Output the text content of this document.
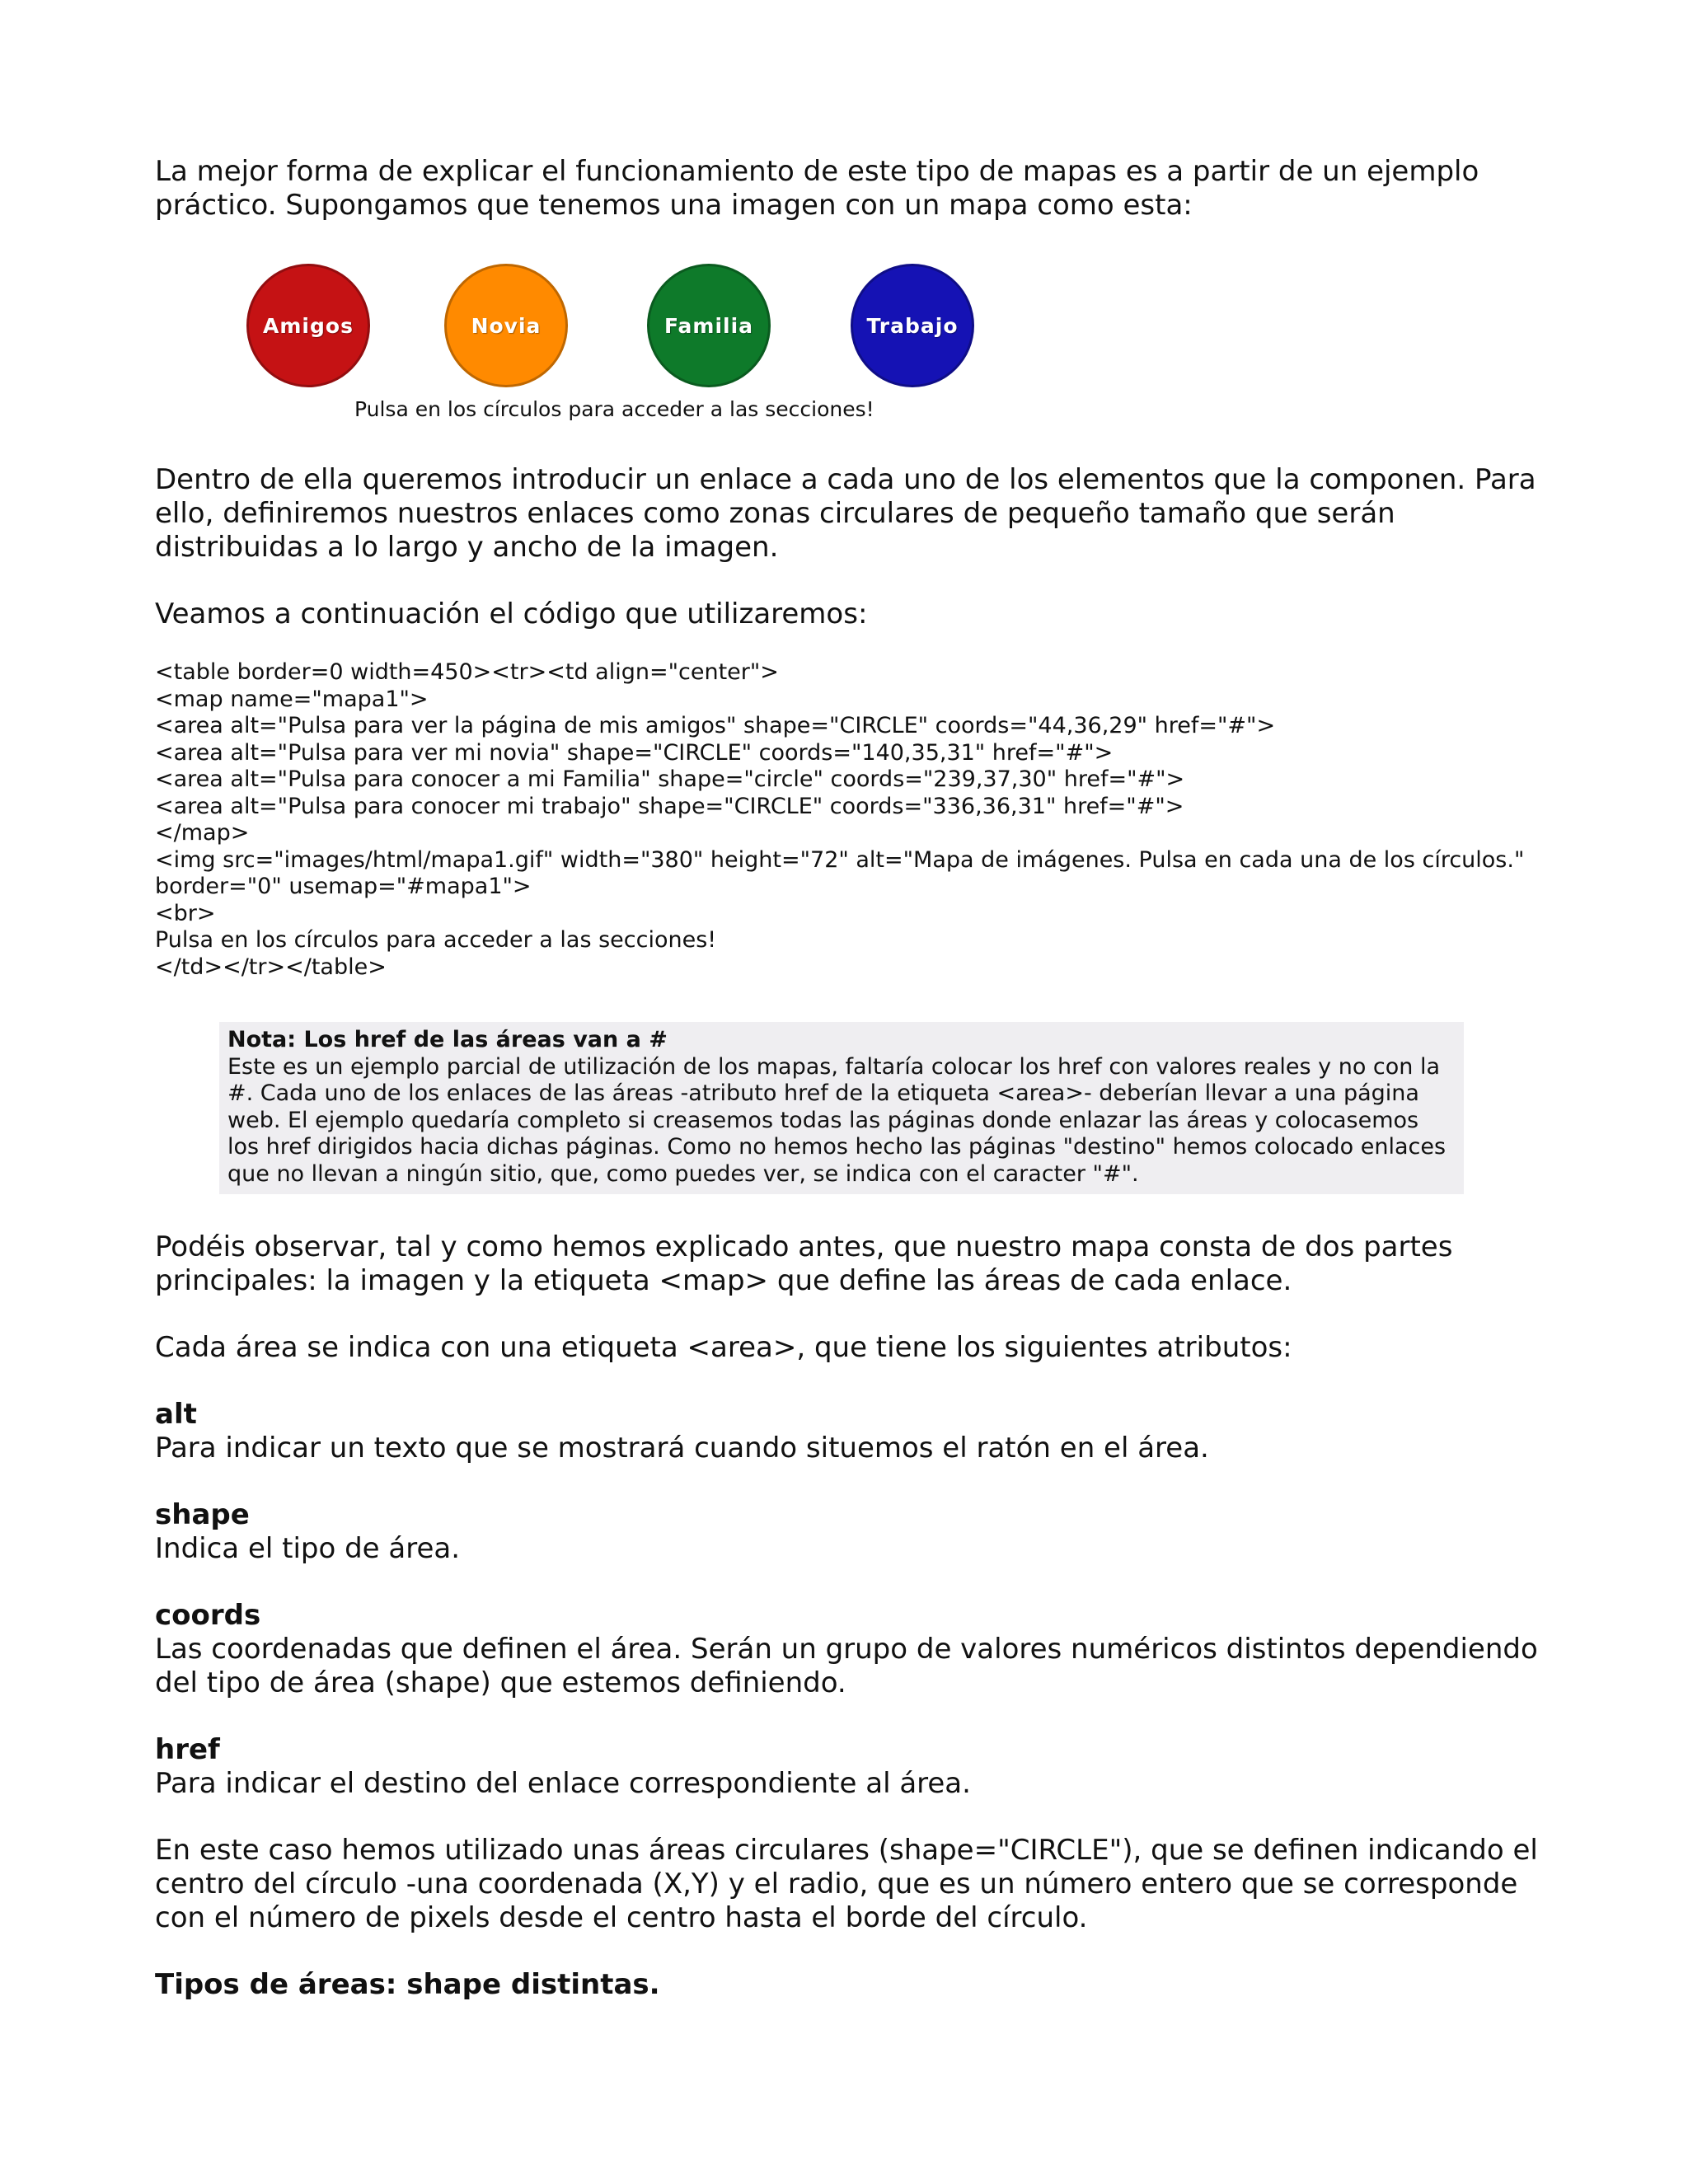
La mejor forma de explicar el funcionamiento de este tipo de mapas es a partir de un ejemplo práctico. Supongamos que tenemos una imagen con un mapa como esta:

Amigos	Novia	Familia	Trabajo

Pulsa en los círculos para acceder a las secciones!

Dentro de ella queremos introducir un enlace a cada uno de los elementos que la componen. Para ello, definiremos nuestros enlaces como zonas circulares de pequeño tamaño que serán distribuidas a lo largo y ancho de la imagen.

Veamos a continuación el código que utilizaremos:

<table border=0 width=450><tr><td align="center">

<map name="mapa1">

<area alt="Pulsa para ver la página de mis amigos" shape="CIRCLE" coords="44,36,29" href="#">

<area alt="Pulsa para ver mi novia" shape="CIRCLE" coords="140,35,31" href="#">

<area alt="Pulsa para conocer a mi Familia" shape="circle" coords="239,37,30" href="#">

<area alt="Pulsa para conocer mi trabajo" shape="CIRCLE" coords="336,36,31" href="#">

</map>

<img src="images/html/mapa1.gif" width="380" height="72" alt="Mapa de imágenes. Pulsa en cada una de los círculos."

border="0" usemap="#mapa1">

<br>

Pulsa en los círculos para acceder a las secciones!

</td></tr></table>

Nota: Los href de las áreas van a #

Este es un ejemplo parcial de utilización de los mapas, faltaría colocar los href con valores reales y no con la #. Cada uno de los enlaces de las áreas -atributo href de la etiqueta <area>- deberían llevar a una página web. El ejemplo quedaría completo si creasemos todas las páginas donde enlazar las áreas y colocasemos los href dirigidos hacia dichas páginas. Como no hemos hecho las páginas "destino" hemos colocado enlaces que no llevan a ningún sitio, que, como puedes ver, se indica con el caracter "#".

Podéis observar, tal y como hemos explicado antes, que nuestro mapa consta de dos partes principales: la imagen y la etiqueta <map> que define las áreas de cada enlace.

Cada área se indica con una etiqueta <area>, que tiene los siguientes atributos:

alt

Para indicar un texto que se mostrará cuando situemos el ratón en el área.

shape

Indica el tipo de área.

coords

Las coordenadas que definen el área. Serán un grupo de valores numéricos distintos dependiendo del tipo de área (shape) que estemos definiendo.

href

Para indicar el destino del enlace correspondiente al área.

En este caso hemos utilizado unas áreas circulares (shape="CIRCLE"), que se definen indicando el centro del círculo -una coordenada (X,Y) y el radio, que es un número entero que se corresponde con el número de pixels desde el centro hasta el borde del círculo.

Tipos de áreas: shape distintas.
